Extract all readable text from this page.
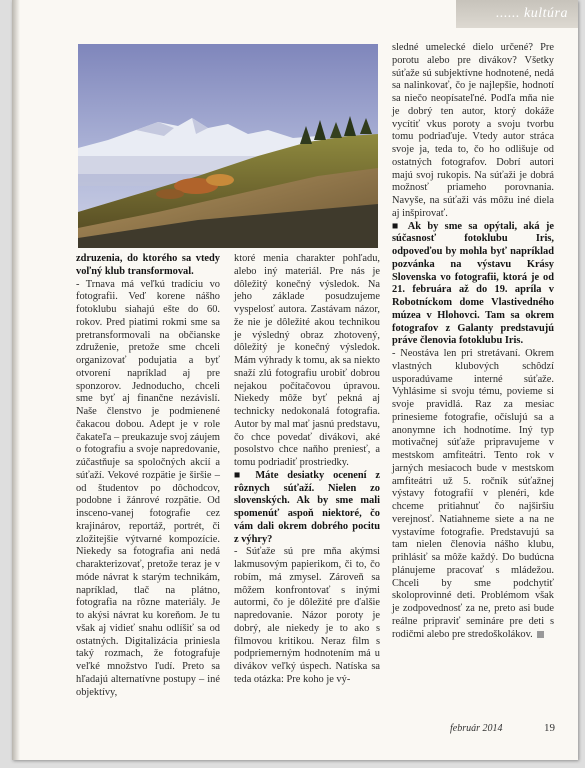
...... kultúra

zdruzenia, do ktorého sa vtedy voľný klub transformoval.

- Trnava má veľkú tradíciu vo fotografii. Veď korene nášho fotoklubu siahajú ešte do 60. rokov. Pred piatimi rokmi sme sa pretransformovali na občianske združenie, pretože sme chceli organizovať podujatia a byť otvorení napríklad aj pre sponzorov. Jednoducho, chceli sme byť aj finančne nezávislí. Naše členstvo je podmienené čakacou dobou. Adept je v role čakateľa – preukazuje svoj záujem o fotografiu a svoje napredovanie, zúčastňuje sa spoločných akcií a súťaží. Vekové rozpätie je širšie – od študentov po dôchodcov, podobne i žánrové rozpätie. Od insceno-vanej fotografie cez krajinárov, reportáž, portrét, či zložitejšie výtvarné kompozície. Niekedy sa fotografia ani nedá charakterizovať, pretože teraz je v móde návrat k starým technikám, napríklad, tlač na plátno, fotografia na rôzne materiály. Je to akýsi návrat ku koreňom. Je tu však aj vidieť snahu odlíšiť sa od ostatných. Digitalizácia priniesla taký rozmach, že fotografuje veľké množstvo ľudí. Preto sa hľadajú alternatívne postupy – iné objektívy,

ktoré menia charakter pohľadu, alebo iný materiál. Pre nás je dôležitý konečný výsledok. Na jeho základe posudzujeme vyspelosť autora. Zastávam názor, že nie je dôležité akou technikou je výsledný obraz zhotovený, dôležitý je konečný výsledok. Mám výhrady k tomu, ak sa niekto snaží zlú fotografiu urobiť dobrou nejakou počítačovou úpravou. Niekedy môže byť pekná aj technicky nedokonalá fotografia. Autor by mal mať jasnú predstavu, čo chce povedať divákovi, aké posolstvo chce naňho preniesť, a tomu podriadiť prostriedky.

■ Máte desiatky ocenení z rôznych súťaží. Nielen zo slovenských. Ak by sme mali spomenúť aspoň niektoré, čo vám dali okrem dobrého pocitu z výhry?

- Súťaže sú pre mňa akýmsi lakmusovým papierikom, či to, čo robím, má zmysel. Zároveň sa môžem konfrontovať s inými autormi, čo je dôležité pre ďalšie napredovanie. Názor poroty je dobrý, ale niekedy je to ako s filmovou kritikou. Neraz film s podpriemerným hodnotením má u divákov veľký úspech. Natíska sa teda otázka: Pre koho je vý-

sledné umelecké dielo určené? Pre porotu alebo pre divákov? Všetky súťaže sú subjektívne hodnotené, nedá sa nalinkovať, čo je najlepšie, hodnotí sa niečo neopísateľné. Podľa mňa nie je dobrý ten autor, ktorý dokáže vycítiť vkus poroty a svoju tvorbu tomu podriaďuje. Vtedy autor stráca svoje ja, teda to, čo ho odlišuje od ostatných fotografov. Dobrí autori majú svoj rukopis. Na súťaži je dobrá možnosť priameho porovnania. Navyše, na súťaži vás môžu iné diela aj inšpirovať.

■ Ak by sme sa opýtali, aká je súčasnosť fotoklubu Iris, odpoveďou by mohla byť napríklad pozvánka na výstavu Krásy Slovenska vo fotografii, ktorá je od 21. februára až do 19. apríla v Robotníckom dome Vlastivedného múzea v Hlohovci. Tam sa okrem fotografov z Galanty predstavujú práve členovia fotoklubu Iris.

- Neostáva len pri stretávaní. Okrem vlastných klubových schôdzí usporadúvame interné súťaže. Vyhlásime si svoju tému, povieme si svoje pravidlá. Raz za mesiac prinesieme fotografie, očíslujú sa a anonymne ich hodnotíme. Iný typ motivačnej súťaže pripravujeme v mestskom amfiteátri. Tento rok v jarných mesiacoch bude v mestskom amfiteátri už 5. ročník súťažnej výstavy fotografií v plenéri, kde chceme pritiahnuť čo najširšiu verejnosť. Natiahneme siete a na ne vystavíme fotografie. Predstavujú sa tam nielen členovia nášho klubu, prihlásiť sa môže každý. Do budúcna plánujeme pracovať s mládežou. Chceli by sme podchytiť skoloprovinné deti. Problémom však je zodpovednosť za ne, preto asi bude reálne pripraviť semináre pre deti s rodičmi alebo pre stredoškolákov.

február 2014	19
